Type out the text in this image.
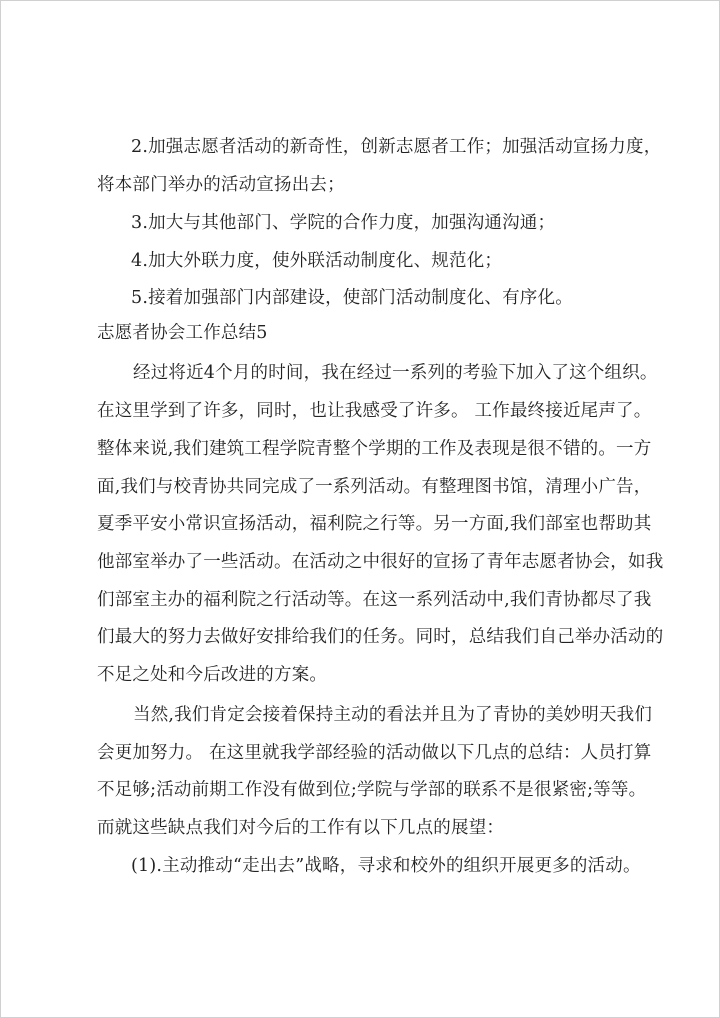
2.加强志愿者活动的新奇性，创新志愿者工作；加强活动宣扬力度，
将本部门举办的活动宣扬出去；
3.加大与其他部门、学院的合作力度，加强沟通沟通；
4.加大外联力度，使外联活动制度化、规范化；
5.接着加强部门内部建设，使部门活动制度化、有序化。
志愿者协会工作总结5
经过将近4个月的时间，我在经过一系列的考验下加入了这个组织。
在这里学到了许多，同时，也让我感受了许多。 工作最终接近尾声了。
整体来说,我们建筑工程学院青整个学期的工作及表现是很不错的。一方
面,我们与校青协共同完成了一系列活动。有整理图书馆，清理小广告，
夏季平安小常识宣扬活动，福利院之行等。另一方面,我们部室也帮助其
他部室举办了一些活动。在活动之中很好的宣扬了青年志愿者协会，如我
们部室主办的福利院之行活动等。在这一系列活动中,我们青协都尽了我
们最大的努力去做好安排给我们的任务。同时，总结我们自己举办活动的
不足之处和今后改进的方案。
当然,我们肯定会接着保持主动的看法并且为了青协的美妙明天我们
会更加努力。 在这里就我学部经验的活动做以下几点的总结：人员打算
不足够;活动前期工作没有做到位;学院与学部的联系不是很紧密;等等。
而就这些缺点我们对今后的工作有以下几点的展望：
(1).主动推动“走出去”战略，寻求和校外的组织开展更多的活动。
